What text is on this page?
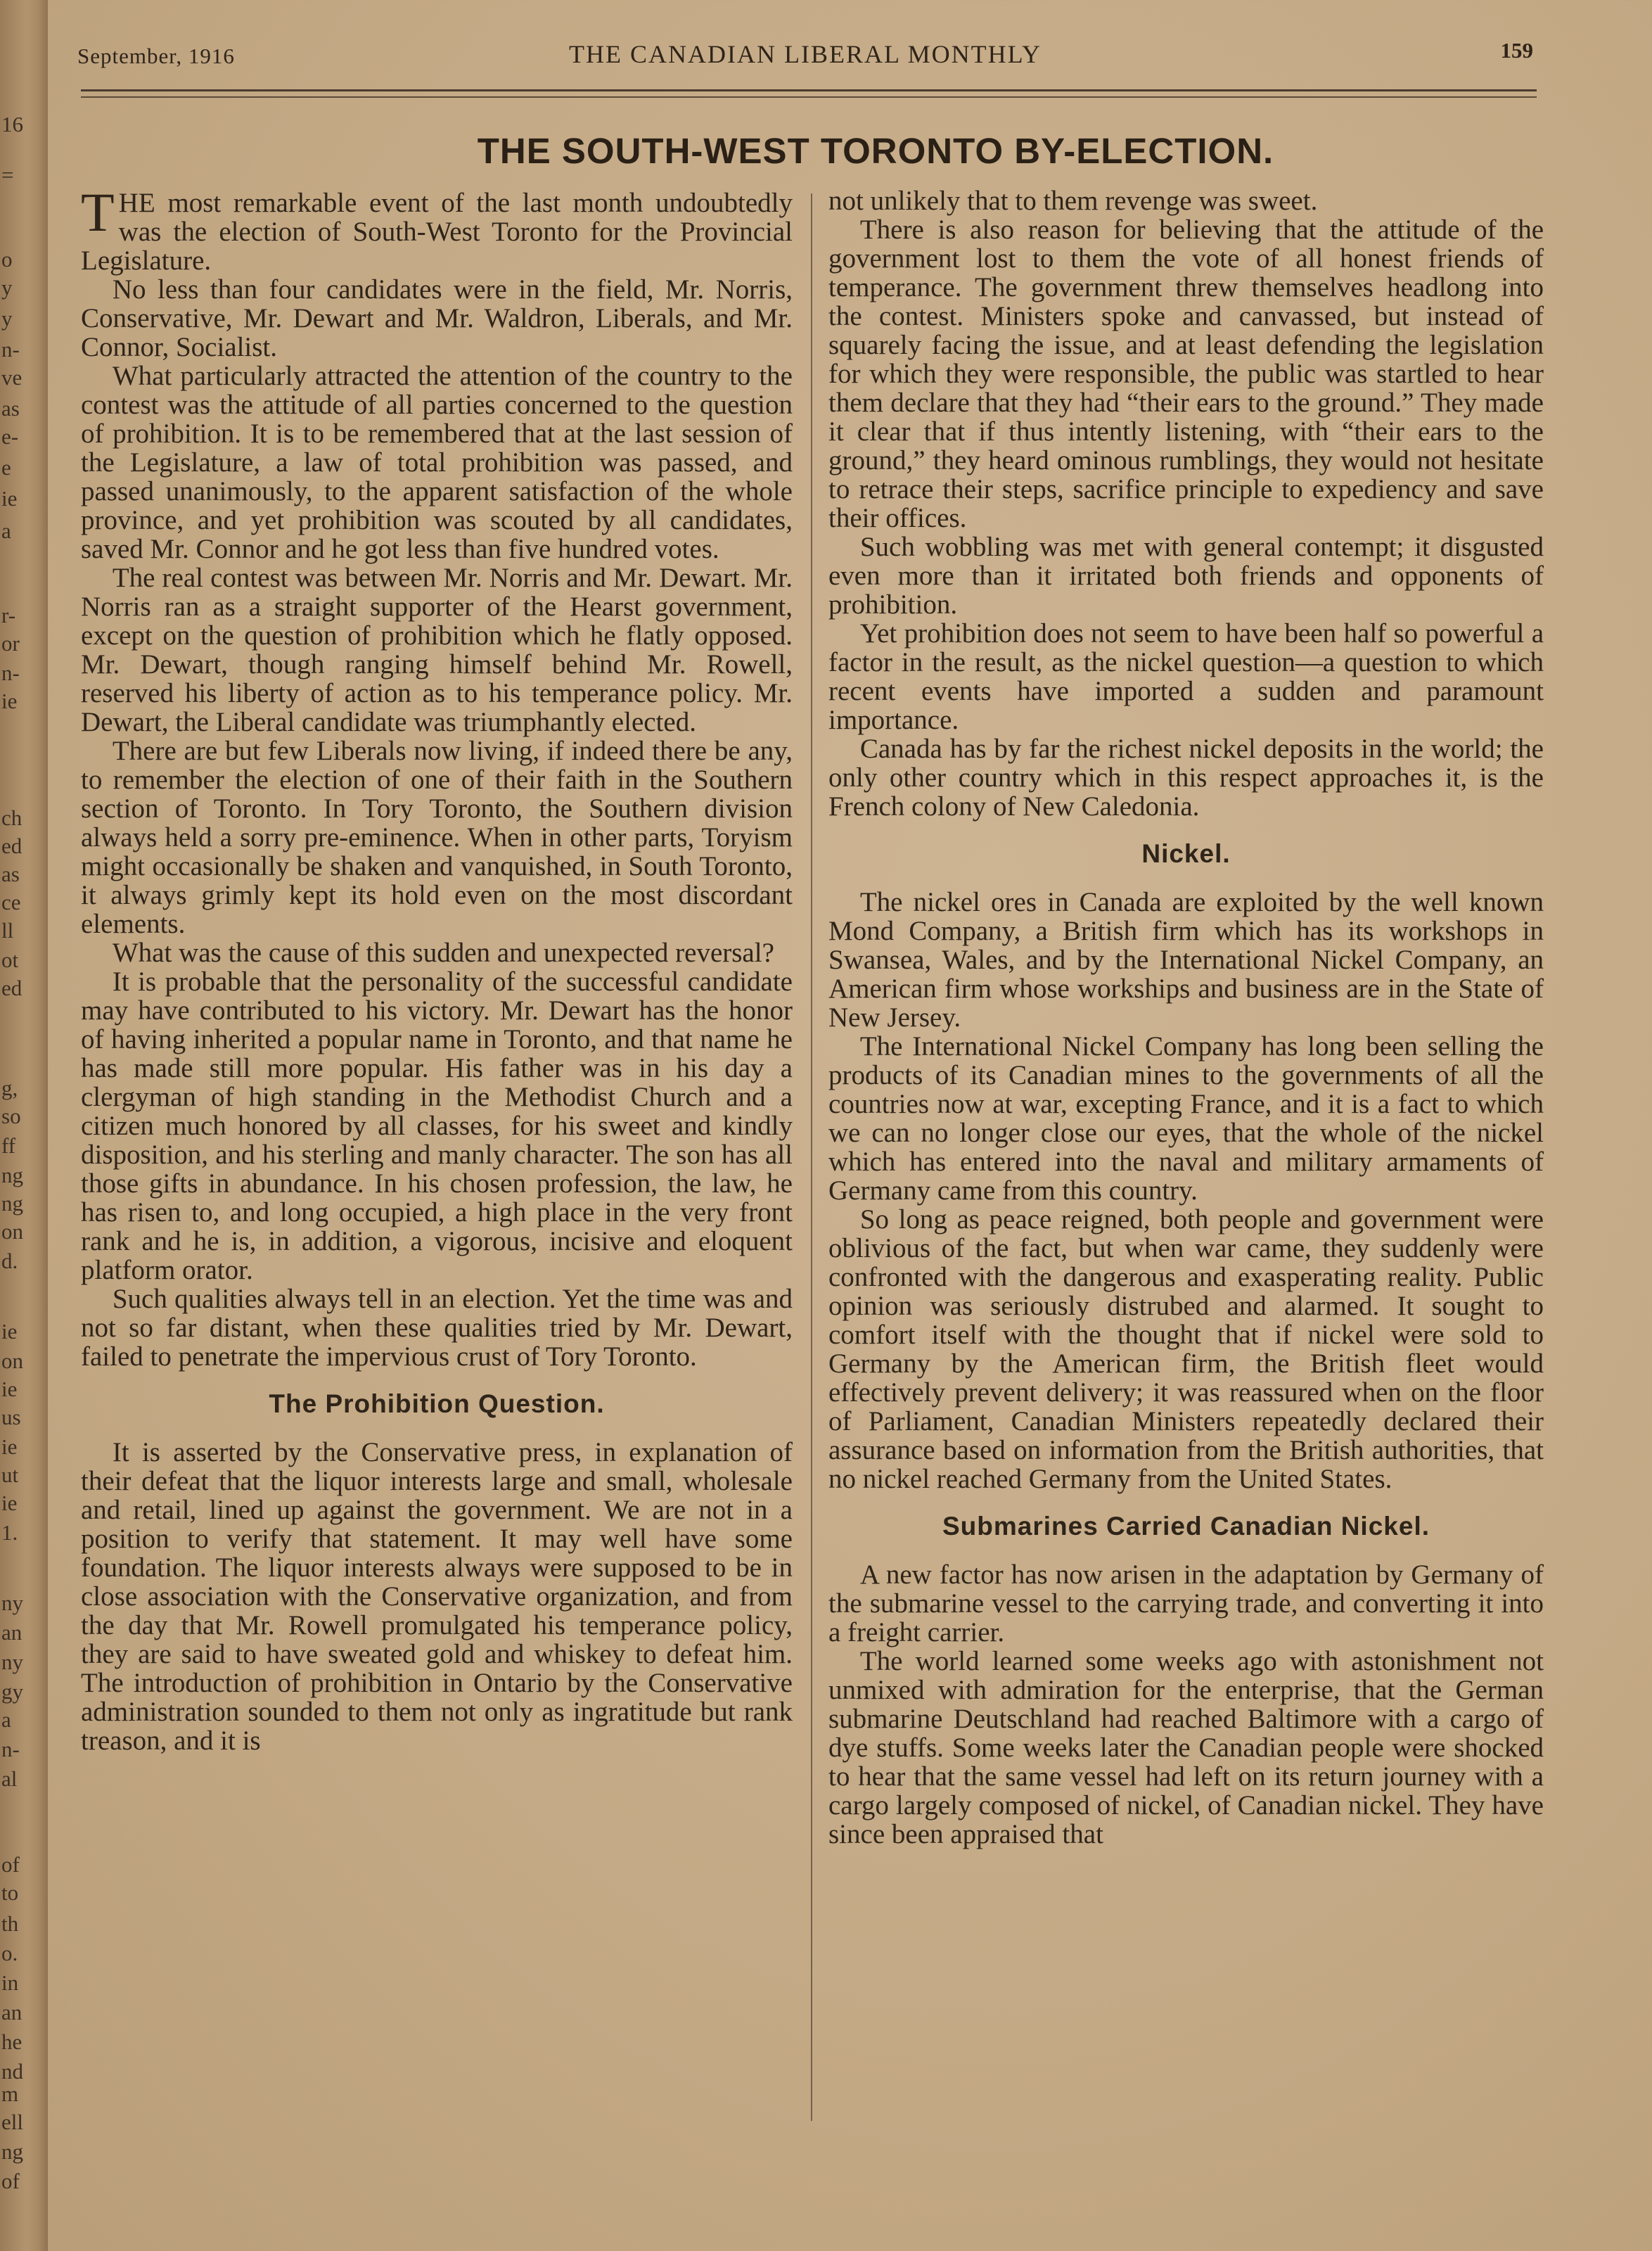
16
=
o
y
y
n-
ve
as
e-
e
ie
a
r-
or
n-
ie
ch
ed
as
ce
ll
ot
ed
g,
so
ff
ng
ng
on
d.
ie
on
ie
us
ie
ut
ie
1.
ny
an
ny
gy
a
n-
al
of
to
th
o.
in
an
he
nd
m
ell
ng
of
September, 1916	THE CANADIAN LIBERAL MONTHLY	159
THE SOUTH-WEST TORONTO BY-ELECTION.

THE most remarkable event of the last month undoubtedly was the election of South-West Toronto for the Provincial Legislature.

No less than four candidates were in the field, Mr. Norris, Conservative, Mr. Dewart and Mr. Waldron, Liberals, and Mr. Connor, Socialist.

What particularly attracted the attention of the country to the contest was the attitude of all parties concerned to the question of prohibition. It is to be remembered that at the last session of the Legislature, a law of total prohibition was passed, and passed unanimously, to the apparent satisfaction of the whole province, and yet prohibition was scouted by all candidates, saved Mr. Connor and he got less than five hundred votes.

The real contest was between Mr. Norris and Mr. Dewart. Mr. Norris ran as a straight supporter of the Hearst government, except on the question of prohibition which he flatly opposed. Mr. Dewart, though ranging himself behind Mr. Rowell, reserved his liberty of action as to his temperance policy. Mr. Dewart, the Liberal candidate was triumphantly elected.

There are but few Liberals now living, if indeed there be any, to remember the election of one of their faith in the Southern section of Toronto. In Tory Toronto, the Southern division always held a sorry pre-eminence. When in other parts, Toryism might occasionally be shaken and vanquished, in South Toronto, it always grimly kept its hold even on the most discordant elements.

What was the cause of this sudden and unexpected reversal?

It is probable that the personality of the successful candidate may have contributed to his victory. Mr. Dewart has the honor of having inherited a popular name in Toronto, and that name he has made still more popular. His father was in his day a clergyman of high standing in the Methodist Church and a citizen much honored by all classes, for his sweet and kindly disposition, and his sterling and manly character. The son has all those gifts in abundance. In his chosen profession, the law, he has risen to, and long occupied, a high place in the very front rank and he is, in addition, a vigorous, incisive and eloquent platform orator.

Such qualities always tell in an election. Yet the time was and not so far distant, when these qualities tried by Mr. Dewart, failed to penetrate the impervious crust of Tory Toronto.

The Prohibition Question.

It is asserted by the Conservative press, in explanation of their defeat that the liquor interests large and small, wholesale and retail, lined up against the government. We are not in a position to verify that statement. It may well have some foundation. The liquor interests always were supposed to be in close association with the Conservative organization, and from the day that Mr. Rowell promulgated his temperance policy, they are said to have sweated gold and whiskey to defeat him. The introduction of prohibition in Ontario by the Conservative administration sounded to them not only as ingratitude but rank treason, and it is

not unlikely that to them revenge was sweet.

There is also reason for believing that the attitude of the government lost to them the vote of all honest friends of temperance. The government threw themselves headlong into the contest. Ministers spoke and canvassed, but instead of squarely facing the issue, and at least defending the legislation for which they were responsible, the public was startled to hear them declare that they had “their ears to the ground.” They made it clear that if thus intently listening, with “their ears to the ground,” they heard ominous rumblings, they would not hesitate to retrace their steps, sacrifice principle to expediency and save their offices.

Such wobbling was met with general contempt; it disgusted even more than it irritated both friends and opponents of prohibition.

Yet prohibition does not seem to have been half so powerful a factor in the result, as the nickel question—a question to which recent events have imported a sudden and paramount importance.

Canada has by far the richest nickel deposits in the world; the only other country which in this respect approaches it, is the French colony of New Caledonia.

Nickel.

The nickel ores in Canada are exploited by the well known Mond Company, a British firm which has its workshops in Swansea, Wales, and by the International Nickel Company, an American firm whose workships and business are in the State of New Jersey.

The International Nickel Company has long been selling the products of its Canadian mines to the governments of all the countries now at war, excepting France, and it is a fact to which we can no longer close our eyes, that the whole of the nickel which has entered into the naval and military armaments of Germany came from this country.

So long as peace reigned, both people and government were oblivious of the fact, but when war came, they suddenly were confronted with the dangerous and exasperating reality. Public opinion was seriously distrubed and alarmed. It sought to comfort itself with the thought that if nickel were sold to Germany by the American firm, the British fleet would effectively prevent delivery; it was reassured when on the floor of Parliament, Canadian Ministers repeatedly declared their assurance based on information from the British authorities, that no nickel reached Germany from the United States.

Submarines Carried Canadian Nickel.

A new factor has now arisen in the adaptation by Germany of the submarine vessel to the carrying trade, and converting it into a freight carrier.

The world learned some weeks ago with astonishment not unmixed with admiration for the enterprise, that the German submarine Deutschland had reached Baltimore with a cargo of dye stuffs. Some weeks later the Canadian people were shocked to hear that the same vessel had left on its return journey with a cargo largely composed of nickel, of Canadian nickel. They have since been appraised that
